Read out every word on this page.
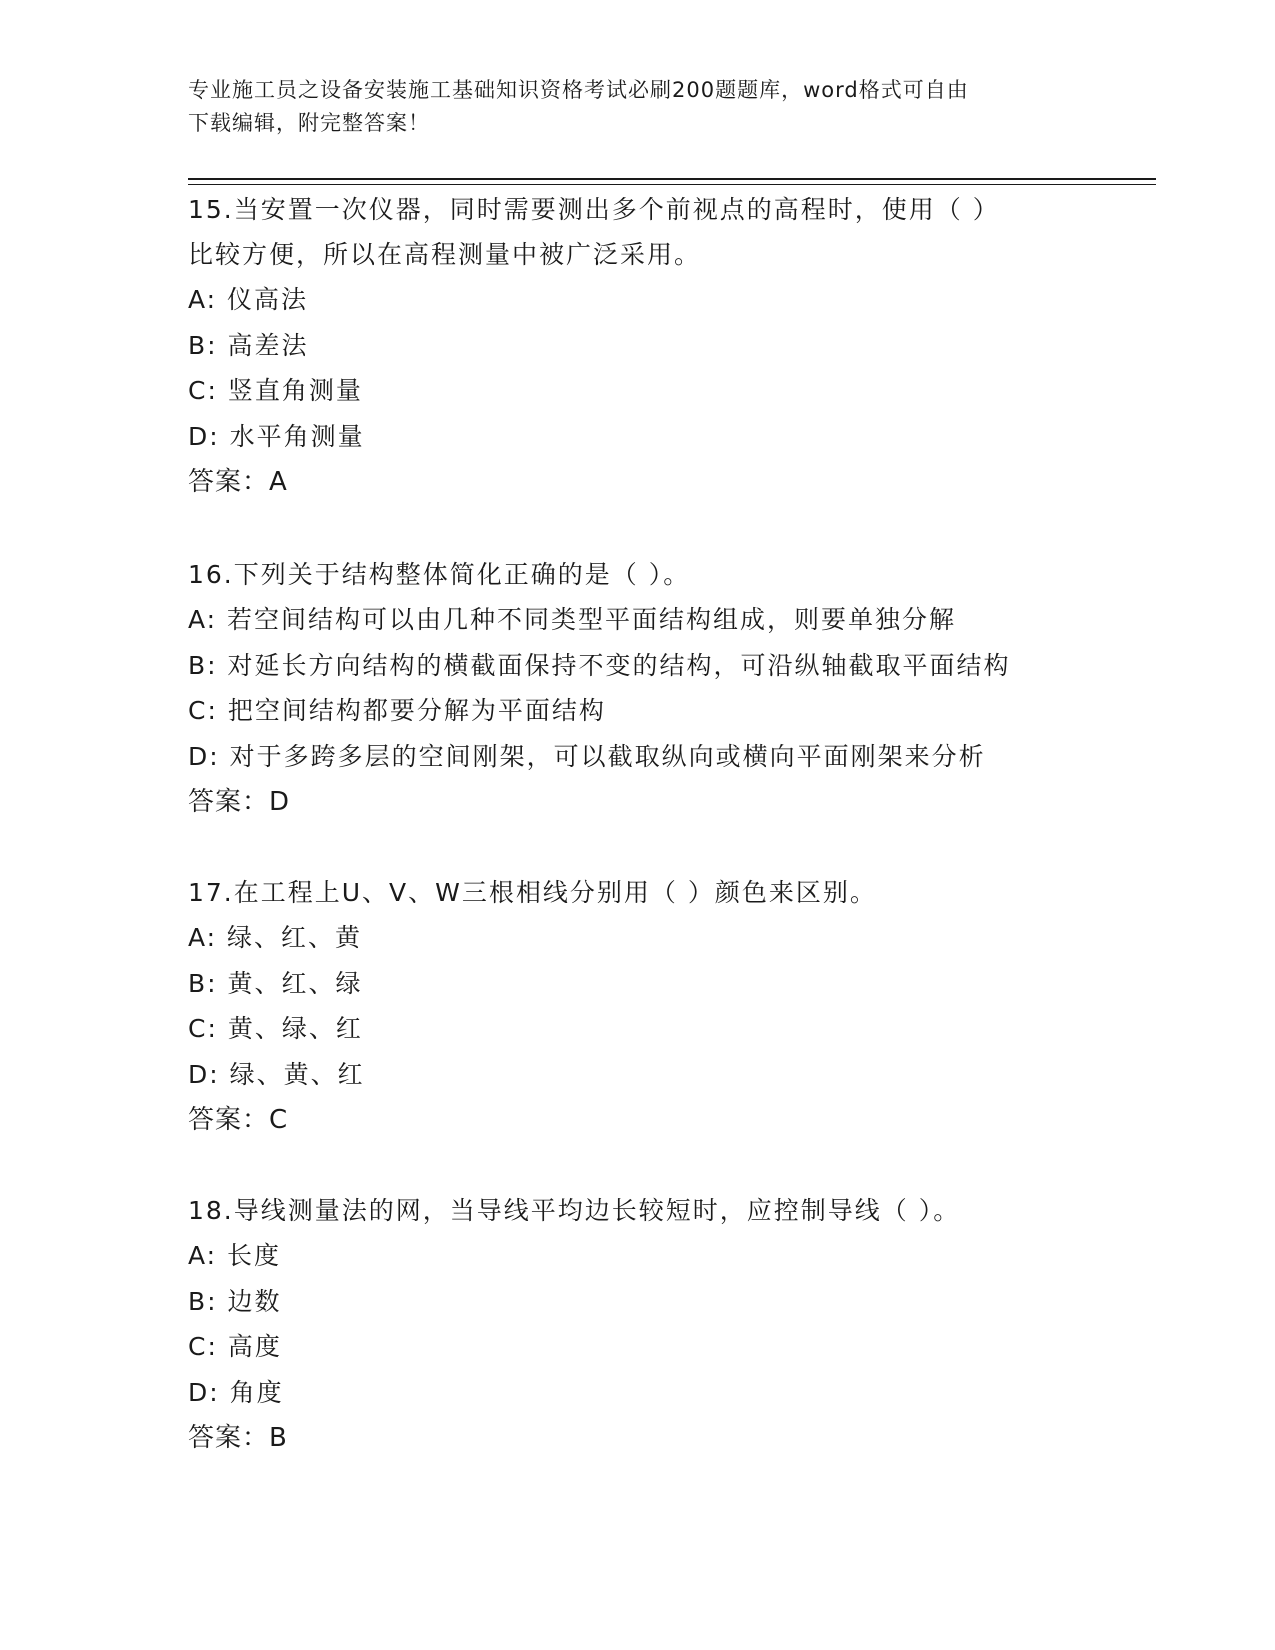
专业施工员之设备安装施工基础知识资格考试必刷200题题库，word格式可自由
下载编辑，附完整答案！
15.当安置一次仪器，同时需要测出多个前视点的高程时，使用（ ）
比较方便，所以在高程测量中被广泛采用。
A: 仪高法
B: 高差法
C: 竖直角测量
D: 水平角测量
答案：A
16.下列关于结构整体简化正确的是（ ）。
A: 若空间结构可以由几种不同类型平面结构组成，则要单独分解
B: 对延长方向结构的横截面保持不变的结构，可沿纵轴截取平面结构
C: 把空间结构都要分解为平面结构
D: 对于多跨多层的空间刚架，可以截取纵向或横向平面刚架来分析
答案：D
17.在工程上U、V、W三根相线分别用（ ）颜色来区别。
A: 绿、红、黄
B: 黄、红、绿
C: 黄、绿、红
D: 绿、黄、红
答案：C
18.导线测量法的网，当导线平均边长较短时，应控制导线（ ）。
A: 长度
B: 边数
C: 高度
D: 角度
答案：B
